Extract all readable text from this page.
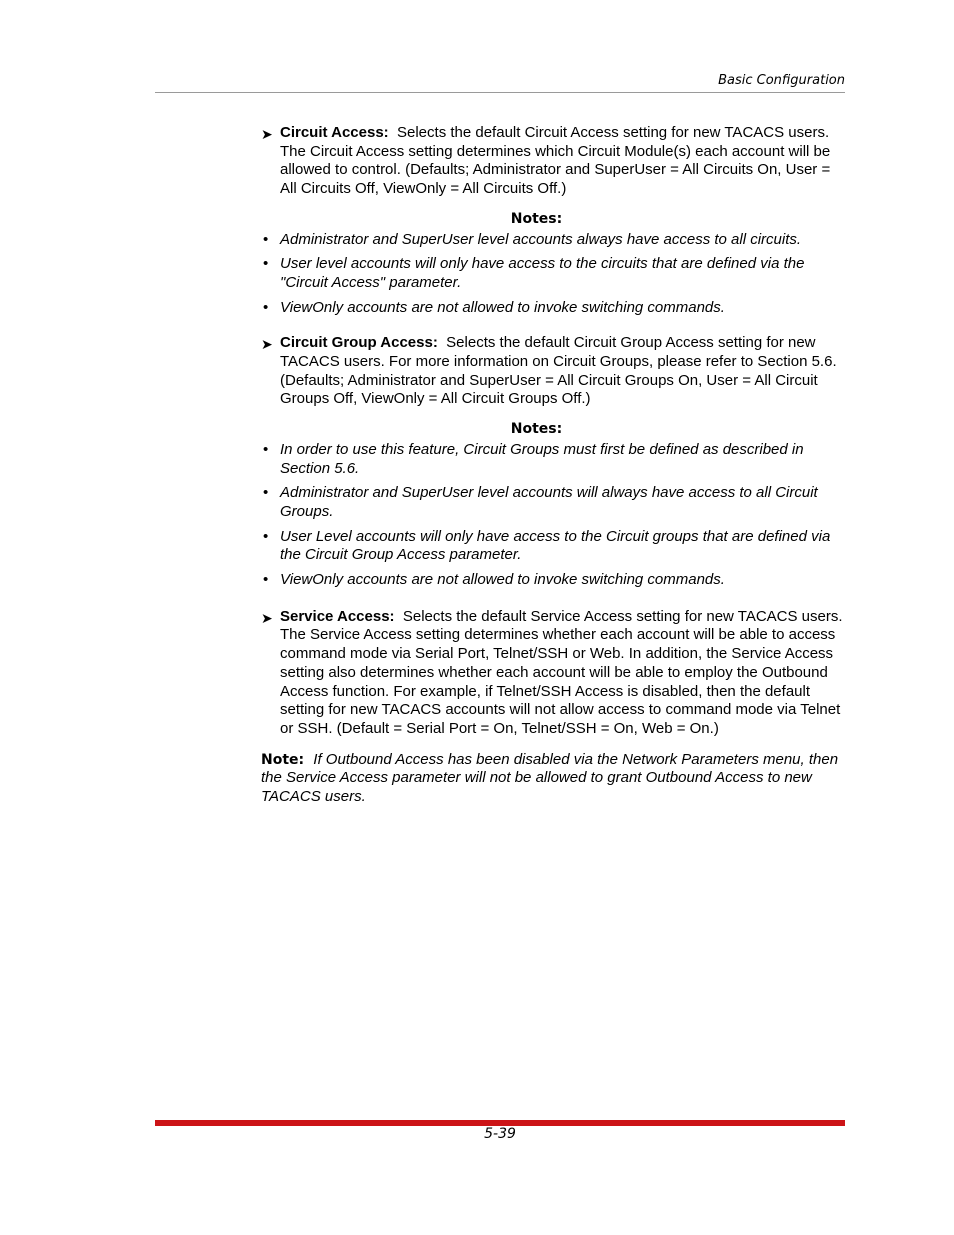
Basic Configuration
➤ Circuit Access: Selects the default Circuit Access setting for new TACACS users. The Circuit Access setting determines which Circuit Module(s) each account will be allowed to control. (Defaults; Administrator and SuperUser = All Circuits On, User = All Circuits Off, ViewOnly = All Circuits Off.)
Notes:
• Administrator and SuperUser level accounts always have access to all circuits.
• User level accounts will only have access to the circuits that are defined via the "Circuit Access" parameter.
• ViewOnly accounts are not allowed to invoke switching commands.
➤ Circuit Group Access: Selects the default Circuit Group Access setting for new TACACS users. For more information on Circuit Groups, please refer to Section 5.6. (Defaults; Administrator and SuperUser = All Circuit Groups On, User = All Circuit Groups Off, ViewOnly = All Circuit Groups Off.)
Notes:
• In order to use this feature, Circuit Groups must first be defined as described in Section 5.6.
• Administrator and SuperUser level accounts will always have access to all Circuit Groups.
• User Level accounts will only have access to the Circuit groups that are defined via the Circuit Group Access parameter.
• ViewOnly accounts are not allowed to invoke switching commands.
➤ Service Access: Selects the default Service Access setting for new TACACS users. The Service Access setting determines whether each account will be able to access command mode via Serial Port, Telnet/SSH or Web. In addition, the Service Access setting also determines whether each account will be able to employ the Outbound Access function. For example, if Telnet/SSH Access is disabled, then the default setting for new TACACS accounts will not allow access to command mode via Telnet or SSH. (Default = Serial Port = On, Telnet/SSH = On, Web = On.)
Note: If Outbound Access has been disabled via the Network Parameters menu, then the Service Access parameter will not be allowed to grant Outbound Access to new TACACS users.
5-39
